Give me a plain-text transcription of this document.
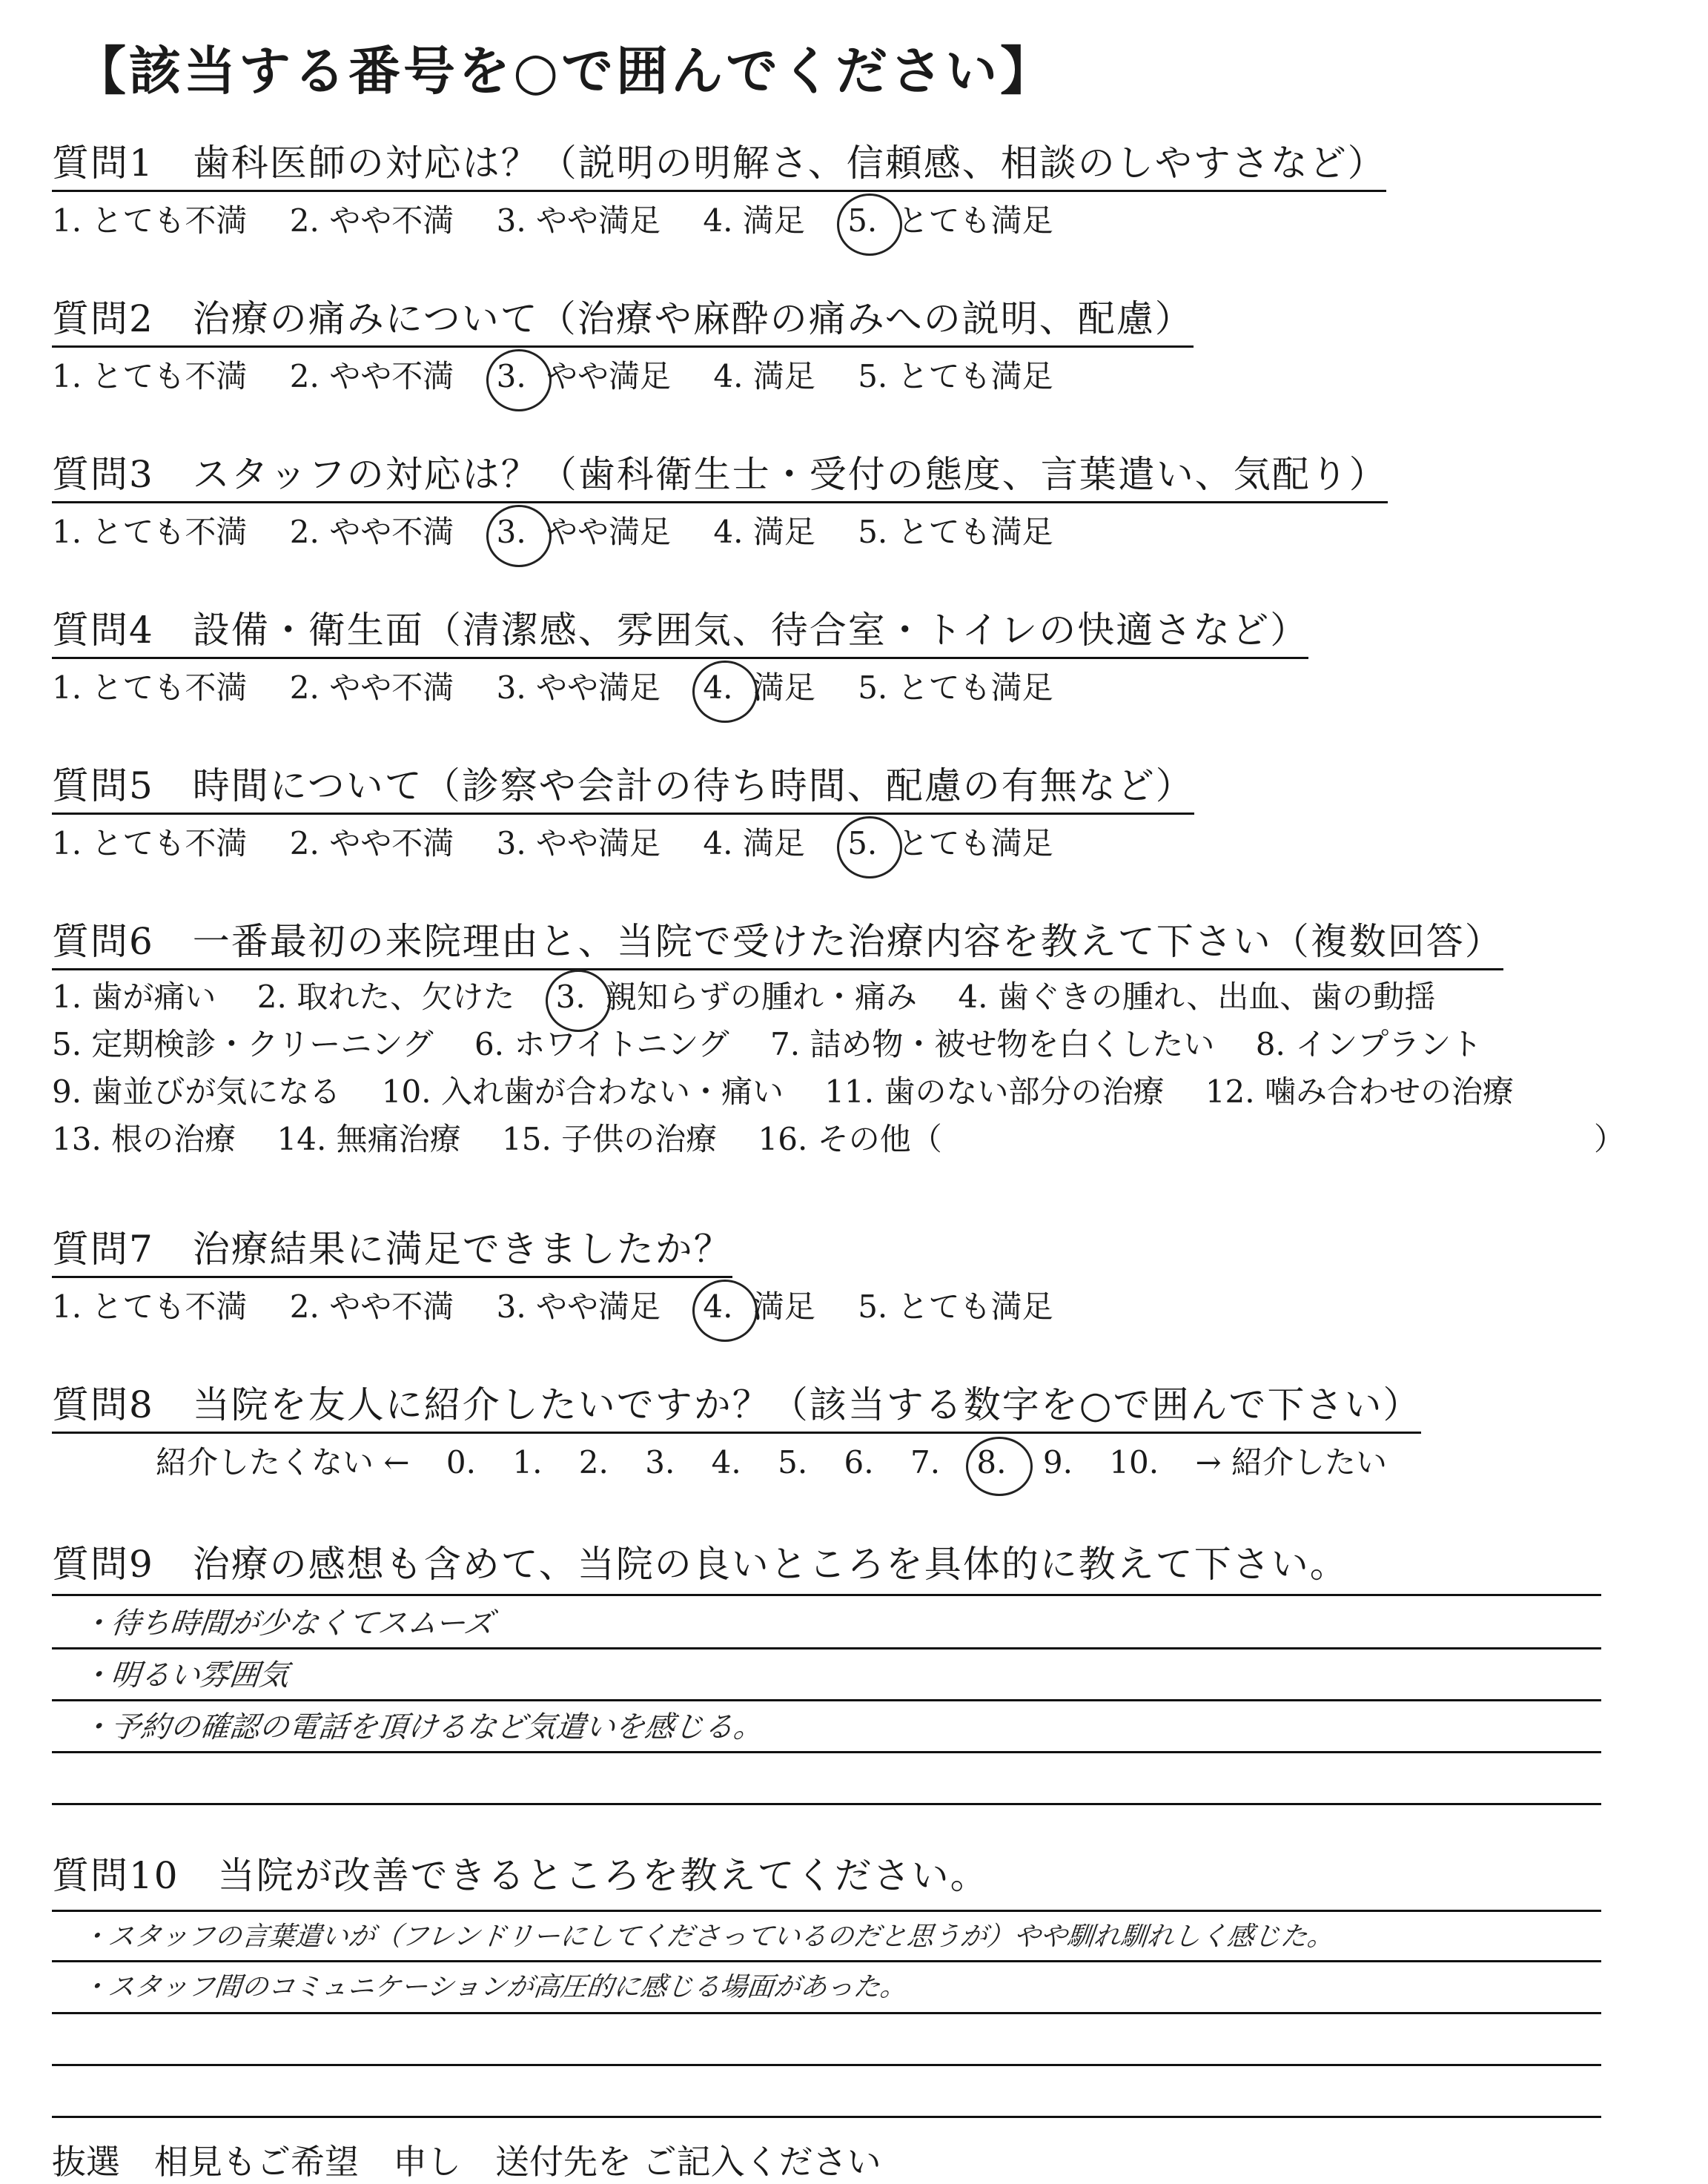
【該当する番号を○で囲んでください】
質問1　歯科医師の対応は？（説明の明解さ、信頼感、相談のしやすさなど）
1. とても不満 2. やや不満 3. やや満足 4. 満足 5. とても満足
質問2　治療の痛みについて（治療や麻酔の痛みへの説明、配慮）
1. とても不満 2. やや不満 3. やや満足 4. 満足 5. とても満足
質問3　スタッフの対応は？（歯科衛生士・受付の態度、言葉遣い、気配り）
1. とても不満 2. やや不満 3. やや満足 4. 満足 5. とても満足
質問4　設備・衛生面（清潔感、雰囲気、待合室・トイレの快適さなど）
1. とても不満 2. やや不満 3. やや満足 4. 満足 5. とても満足
質問5　時間について（診察や会計の待ち時間、配慮の有無など）
1. とても不満 2. やや不満 3. やや満足 4. 満足 5. とても満足
質問6　一番最初の来院理由と、当院で受けた治療内容を教えて下さい（複数回答）
1. 歯が痛い 2. 取れた、欠けた 3. 親知らずの腫れ・痛み 4. 歯ぐきの腫れ、出血、歯の動揺
5. 定期検診・クリーニング 6. ホワイトニング 7. 詰め物・被せ物を白くしたい 8. インプラント
9. 歯並びが気になる 10. 入れ歯が合わない・痛い 11. 歯のない部分の治療 12. 噛み合わせの治療
13. 根の治療 14. 無痛治療 15. 子供の治療 16. その他（	）
質問7　治療結果に満足できましたか？
1. とても不満 2. やや不満 3. やや満足 4. 満足 5. とても満足
質問8　当院を友人に紹介したいですか？（該当する数字を○で囲んで下さい）
紹介したくない ← 0. 1. 2. 3. 4. 5. 6. 7. 8. 9. 10. → 紹介したい
質問9　治療の感想も含めて、当院の良いところを具体的に教えて下さい。
・待ち時間が少なくてスムーズ
・明るい雰囲気
・予約の確認の電話を頂けるなど気遣いを感じる。
質問10　当院が改善できるところを教えてください。
・スタッフの言葉遣いが（フレンドリーにしてくださっているのだと思うが）やや馴れ馴れしく感じた。
・スタッフ間のコミュニケーションが高圧的に感じる場面があった。
抜選　相見もご希望　申し　送付先を ご記入ください
